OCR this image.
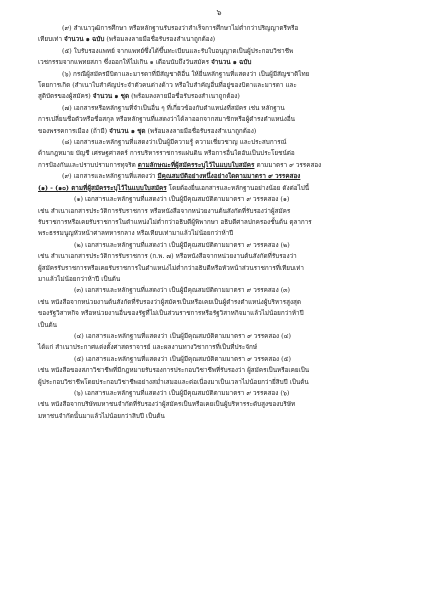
๖

(๙) สำเนาวุฒิการศึกษา หรือหลักฐานรับรองว่าสำเร็จการศึกษาไม่ต่ำกว่าปริญญาตรีหรือ

เทียบเท่า จำนวน ๑ ฉบับ (พร้อมลงลายมือชื่อรับรองสำเนาถูกต้อง)

(๕) ใบรับรองแพทย์ จากแพทย์ซึ่งได้ขึ้นทะเบียนและรับใบอนุญาตเป็นผู้ประกอบวิชาชีพ

เวชกรรมจากแพทยสภา ซึ่งออกให้ไม่เกิน ๑ เดือนนับถึงวันสมัคร จำนวน ๑ ฉบับ

(๖) กรณีผู้สมัครมีบิดาและมารดาที่มีสัญชาติอื่น ให้ยื่นหลักฐานที่แสดงว่า เป็นผู้มีสัญชาติไทย

โดยการเกิด (สำเนาใบสำคัญประจำตัวคนต่างด้าว หรือใบสำคัญอื่นที่อยู่ของบิดาและมารดา และ

สูติบัตรของผู้สมัคร) จำนวน ๑ ชุด (พร้อมลงลายมือชื่อรับรองสำเนาถูกต้อง)

(๗) เอกสารหรือหลักฐานที่จำเป็นอื่น ๆ ที่เกี่ยวข้องกับตำแหน่งที่สมัคร เช่น หลักฐาน

การเปลี่ยนชื่อตัวหรือชื่อสกุล หรือหลักฐานที่แสดงว่าได้ลาออกจากสมาชิกหรือผู้ดำรงตำแหน่งอื่น

ของพรรคการเมือง (ถ้ามี) จำนวน ๑ ชุด (พร้อมลงลายมือชื่อรับรองสำเนาถูกต้อง)

(๘) เอกสารและหลักฐานที่แสดงว่าเป็นผู้มีความรู้ ความเชี่ยวชาญ และประสบการณ์

ด้านกฎหมาย บัญชี เศรษฐศาสตร์ การบริหารราชการแผ่นดิน หรือการอื่นใดอันเป็นประโยชน์ต่อ

การป้องกันและปราบปรามการทุจริต ตามลักษณะที่ผู้สมัครระบุไว้ในแบบใบสมัคร ตามมาตรา ๙ วรรคสอง

(๙) เอกสารและหลักฐานที่แสดงว่า มีคุณสมบัติอย่างหนึ่งอย่างใดตามมาตรา ๙ วรรคสอง

(๑) - (๑๐) ตามที่ผู้สมัครระบุไว้ในแบบใบสมัคร โดยต้องยื่นเอกสารและหลักฐานอย่างน้อย ดังต่อไปนี้

(๑) เอกสารและหลักฐานที่แสดงว่า เป็นผู้มีคุณสมบัติตามมาตรา ๙ วรรคสอง (๑)

เช่น สำเนาเอกสารประวัติการรับราชการ หรือหนังสือจากหน่วยงานต้นสังกัดที่รับรองว่าผู้สมัคร

รับราชการหรือเคยรับราชการในตำแหน่งไม่ต่ำกว่าอธิบดีผู้พิพากษา อธิบดีศาลปกครองชั้นต้น ตุลาการ

พระธรรมนูญหัวหน้าศาลทหารกลาง หรือเทียบเท่ามาแล้วไม่น้อยกว่าห้าปี

(๒) เอกสารและหลักฐานที่แสดงว่า เป็นผู้มีคุณสมบัติตามมาตรา ๙ วรรคสอง (๒)

เช่น สำเนาเอกสารประวัติการรับราชการ (ก.พ. ๗) หรือหนังสือจากหน่วยงานต้นสังกัดที่รับรองว่า

ผู้สมัครรับราชการหรือเคยรับราชการในตำแหน่งไม่ต่ำกว่าอธิบดีหรือหัวหน้าส่วนราชการที่เทียบเท่า

มาแล้วไม่น้อยกว่าห้าปี เป็นต้น

(๓) เอกสารและหลักฐานที่แสดงว่า เป็นผู้มีคุณสมบัติตามมาตรา ๙ วรรคสอง (๓)

เช่น หนังสือจากหน่วยงานต้นสังกัดที่รับรองว่าผู้สมัครเป็นหรือเคยเป็นผู้ดำรงตำแหน่งผู้บริหารสูงสุด

ของรัฐวิสาหกิจ หรือหน่วยงานอื่นของรัฐที่ไม่เป็นส่วนราชการหรือรัฐวิสาหกิจมาแล้วไม่น้อยกว่าห้าปี

เป็นต้น

(๔) เอกสารและหลักฐานที่แสดงว่า เป็นผู้มีคุณสมบัติตามมาตรา ๙ วรรคสอง (๔)

ได้แก่ สำเนาประกาศแต่งตั้งศาสตราจารย์ และผลงานทางวิชาการที่เป็นที่ประจักษ์

(๕) เอกสารและหลักฐานที่แสดงว่า เป็นผู้มีคุณสมบัติตามมาตรา ๙ วรรคสอง (๕)

เช่น หนังสือของสภาวิชาชีพที่มีกฎหมายรับรองการประกอบวิชาชีพที่รับรองว่า ผู้สมัครเป็นหรือเคยเป็น

ผู้ประกอบวิชาชีพโดยประกอบวิชาชีพอย่างสม่ำเสมอและต่อเนื่องมาเป็นเวลาไม่น้อยกว่ายี่สิบปี เป็นต้น

(๖) เอกสารและหลักฐานที่แสดงว่า เป็นผู้มีคุณสมบัติตามมาตรา ๙ วรรคสอง (๖)

เช่น หนังสือจากบริษัทมหาชนจำกัดที่รับรองว่าผู้สมัครเป็นหรือเคยเป็นผู้บริหารระดับสูงของบริษัท

มหาชนจำกัดนั้นมาแล้วไม่น้อยกว่าสิบปี เป็นต้น
